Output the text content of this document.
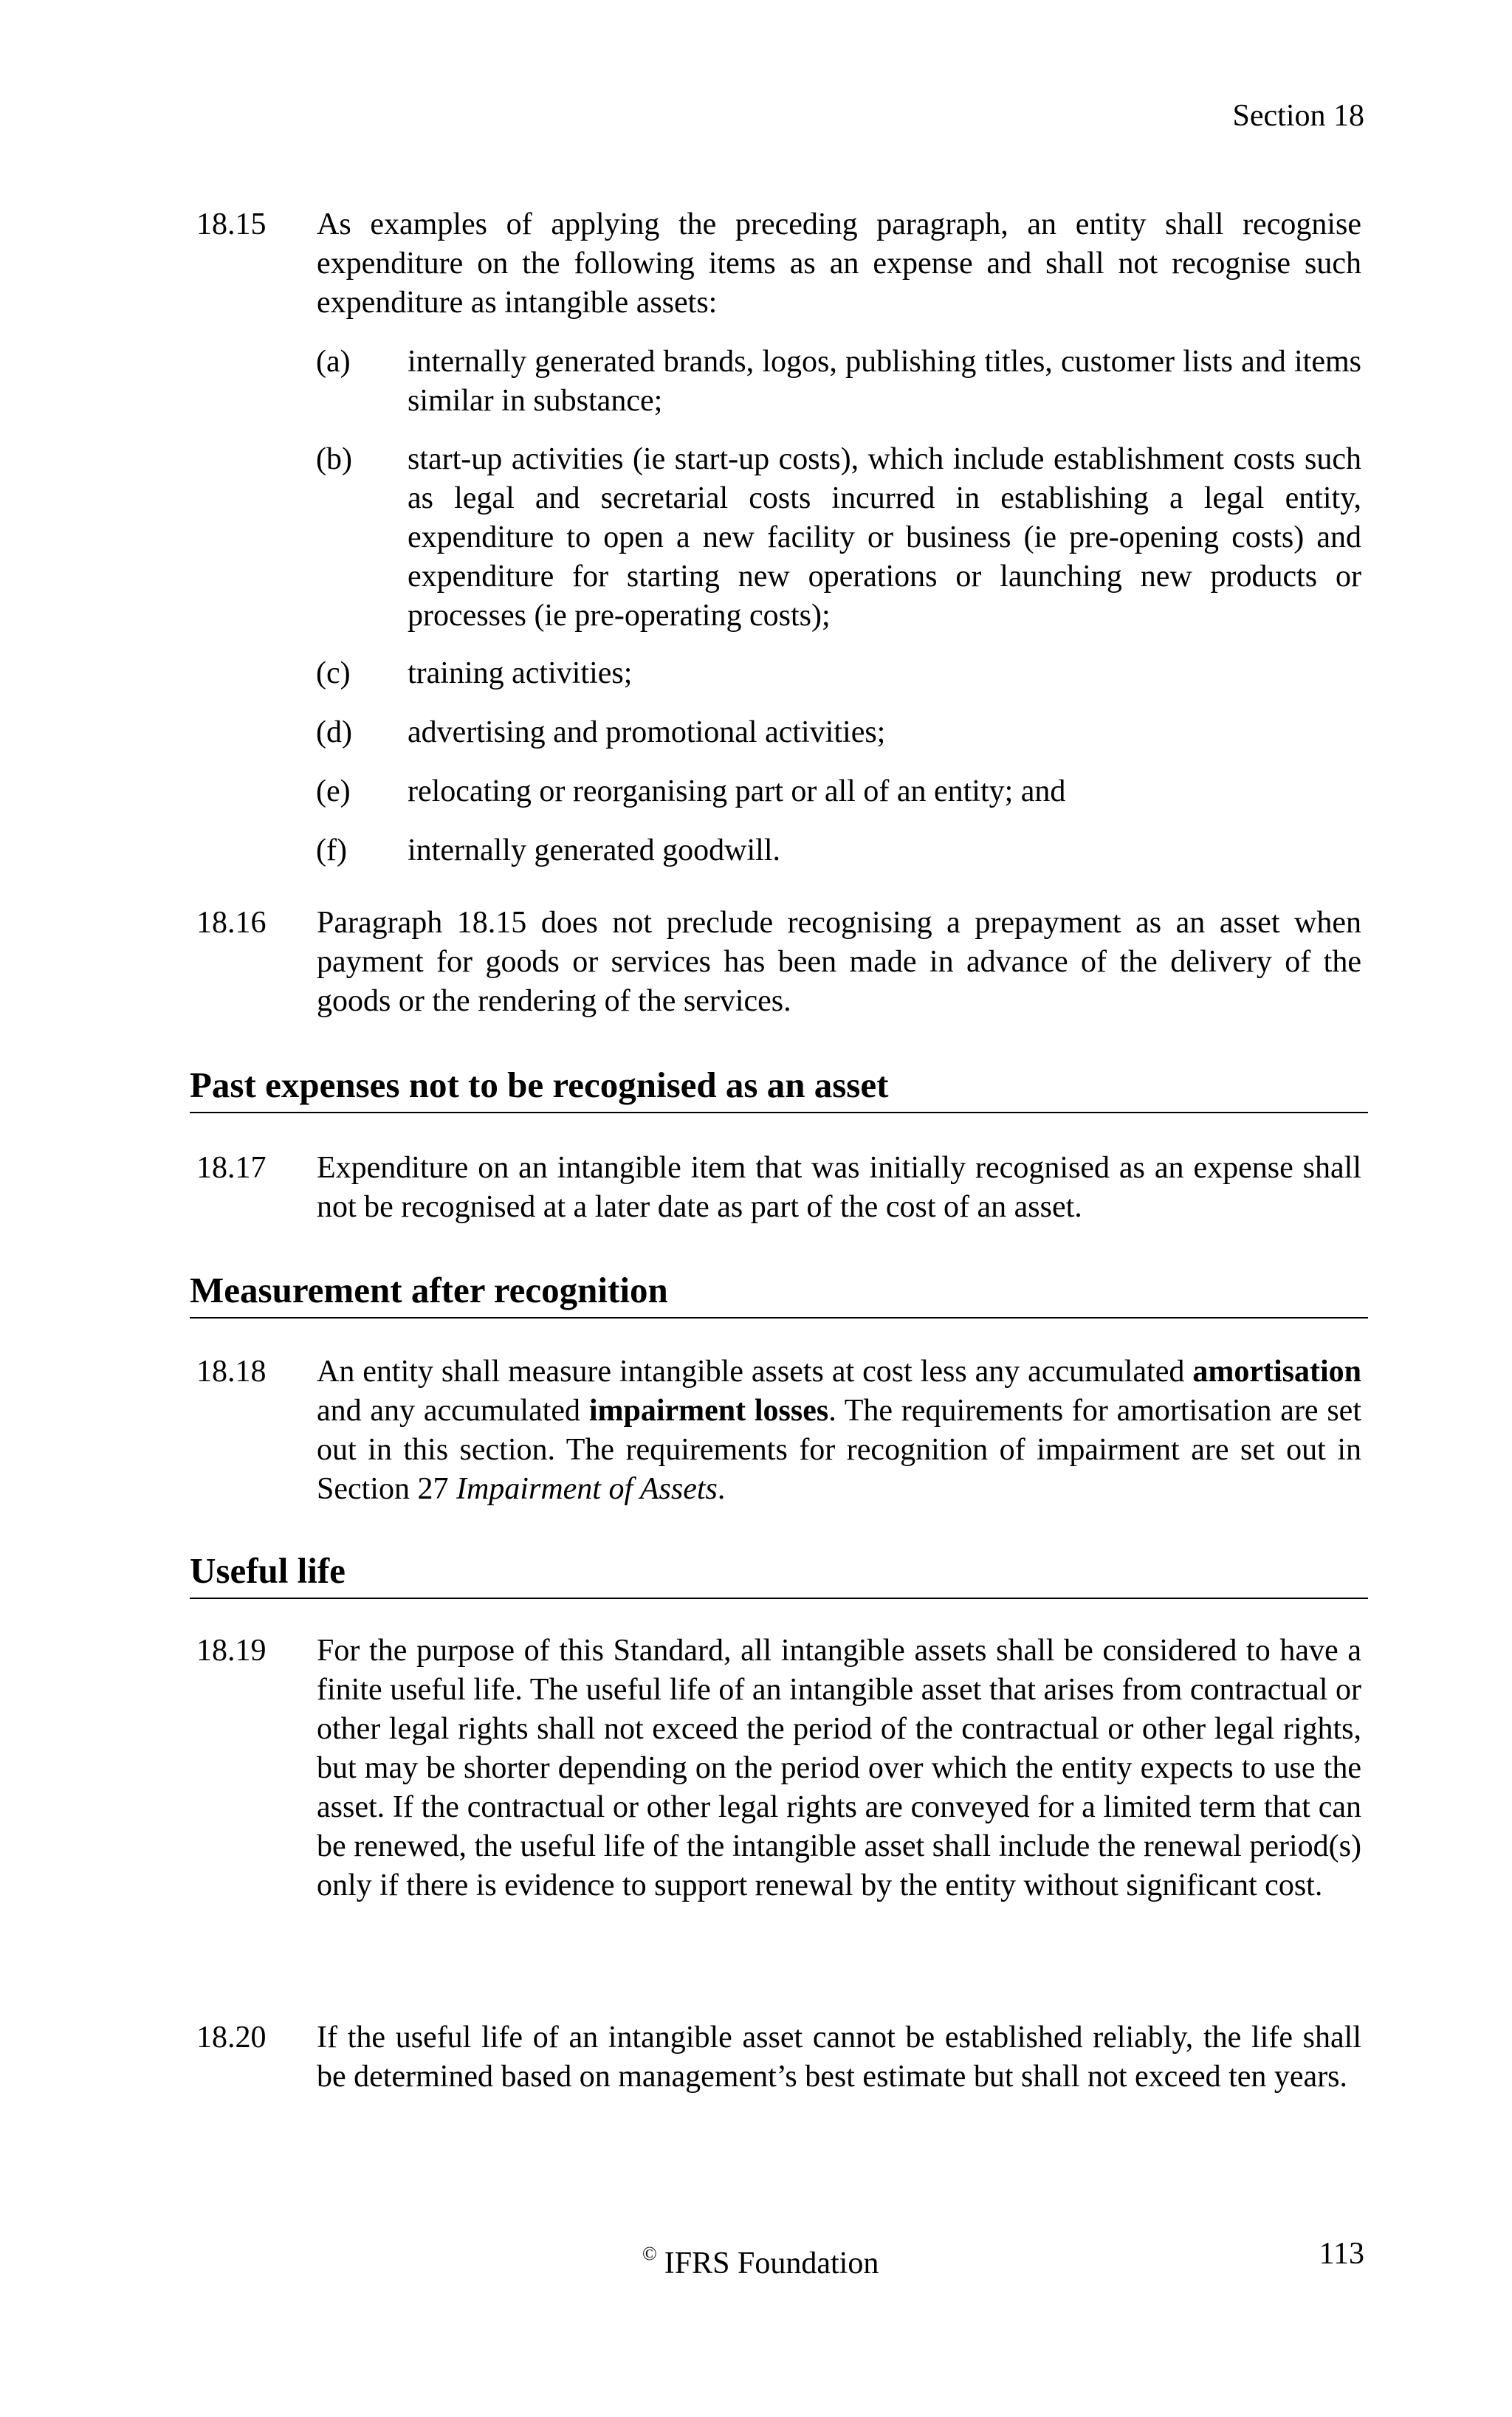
Section 18
18.15	As examples of applying the preceding paragraph, an entity shall recognise expenditure on the following items as an expense and shall not recognise such expenditure as intangible assets:
(a)	internally generated brands, logos, publishing titles, customer lists and items similar in substance;
(b)	start-up activities (ie start-up costs), which include establishment costs such as legal and secretarial costs incurred in establishing a legal entity, expenditure to open a new facility or business (ie pre-opening costs) and expenditure for starting new operations or launching new products or processes (ie pre-operating costs);
(c)	training activities;
(d)	advertising and promotional activities;
(e)	relocating or reorganising part or all of an entity; and
(f)	internally generated goodwill.
18.16	Paragraph 18.15 does not preclude recognising a prepayment as an asset when payment for goods or services has been made in advance of the delivery of the goods or the rendering of the services.
Past expenses not to be recognised as an asset
18.17	Expenditure on an intangible item that was initially recognised as an expense shall not be recognised at a later date as part of the cost of an asset.
Measurement after recognition
18.18	An entity shall measure intangible assets at cost less any accumulated amortisation and any accumulated impairment losses. The requirements for amortisation are set out in this section. The requirements for recognition of impairment are set out in Section 27 Impairment of Assets.
Useful life
18.19	For the purpose of this Standard, all intangible assets shall be considered to have a finite useful life. The useful life of an intangible asset that arises from contractual or other legal rights shall not exceed the period of the contractual or other legal rights, but may be shorter depending on the period over which the entity expects to use the asset. If the contractual or other legal rights are conveyed for a limited term that can be renewed, the useful life of the intangible asset shall include the renewal period(s) only if there is evidence to support renewal by the entity without significant cost.
18.20	If the useful life of an intangible asset cannot be established reliably, the life shall be determined based on management’s best estimate but shall not exceed ten years.
© IFRS Foundation	113
